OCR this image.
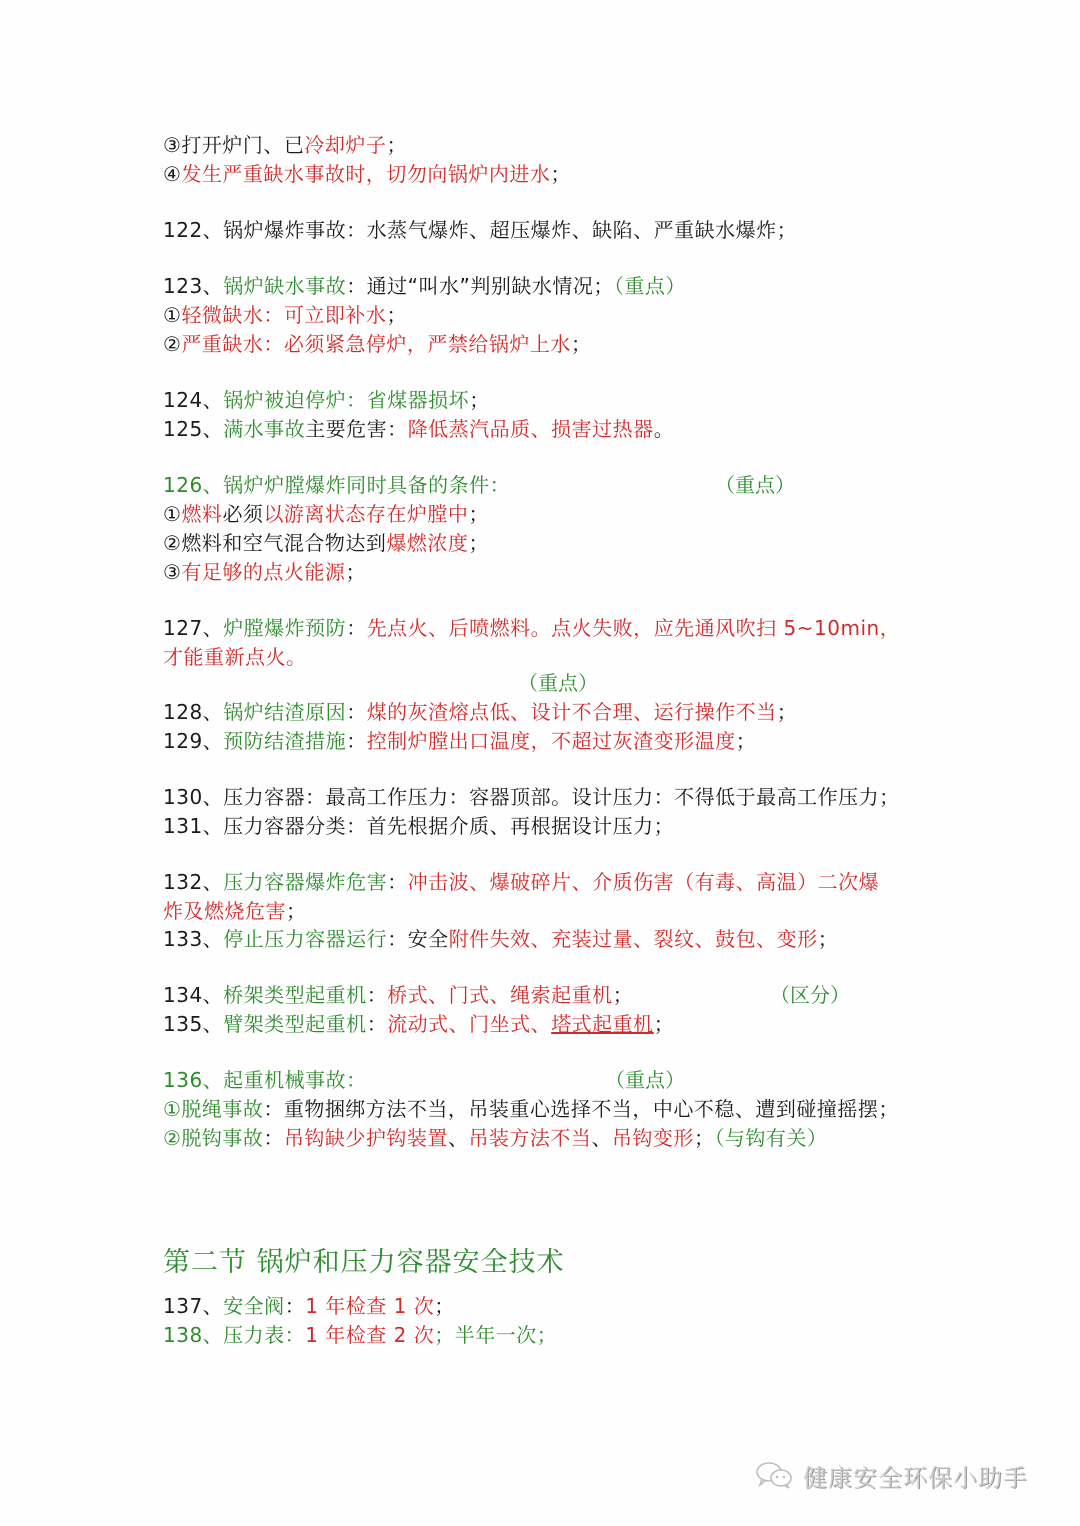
③打开炉门、已冷却炉子；
④发生严重缺水事故时，切勿向锅炉内进水；
122、锅炉爆炸事故：水蒸气爆炸、超压爆炸、缺陷、严重缺水爆炸；
123、锅炉缺水事故：通过“叫水”判别缺水情况；（重点）
①轻微缺水：可立即补水；
②严重缺水：必须紧急停炉，严禁给锅炉上水；
124、锅炉被迫停炉：省煤器损坏；
125、满水事故主要危害：降低蒸汽品质、损害过热器。
126、锅炉炉膛爆炸同时具备的条件：
①燃料必须以游离状态存在炉膛中；
②燃料和空气混合物达到爆燃浓度；
③有足够的点火能源；
127、炉膛爆炸预防：先点火、后喷燃料。点火失败，应先通风吹扫 5~10min，
才能重新点火。
128、锅炉结渣原因：煤的灰渣熔点低、设计不合理、运行操作不当；
129、预防结渣措施：控制炉膛出口温度，不超过灰渣变形温度；
130、压力容器：最高工作压力：容器顶部。设计压力：不得低于最高工作压力；
131、压力容器分类：首先根据介质、再根据设计压力；
132、压力容器爆炸危害：冲击波、爆破碎片、介质伤害（有毒、高温）二次爆
炸及燃烧危害；
133、停止压力容器运行：安全附件失效、充装过量、裂纹、鼓包、变形；
134、桥架类型起重机：桥式、门式、绳索起重机；
135、臂架类型起重机：流动式、门坐式、塔式起重机；
136、起重机械事故：
①脱绳事故：重物捆绑方法不当，吊装重心选择不当，中心不稳、遭到碰撞摇摆；
②脱钩事故：吊钩缺少护钩装置、吊装方法不当、吊钩变形；（与钩有关）
137、安全阀：1 年检查 1 次；
138、压力表：1 年检查 2 次；半年一次；
（重点）
（重点）
（区分）
（重点）
第二节 锅炉和压力容器安全技术
健康安全环保小助手
